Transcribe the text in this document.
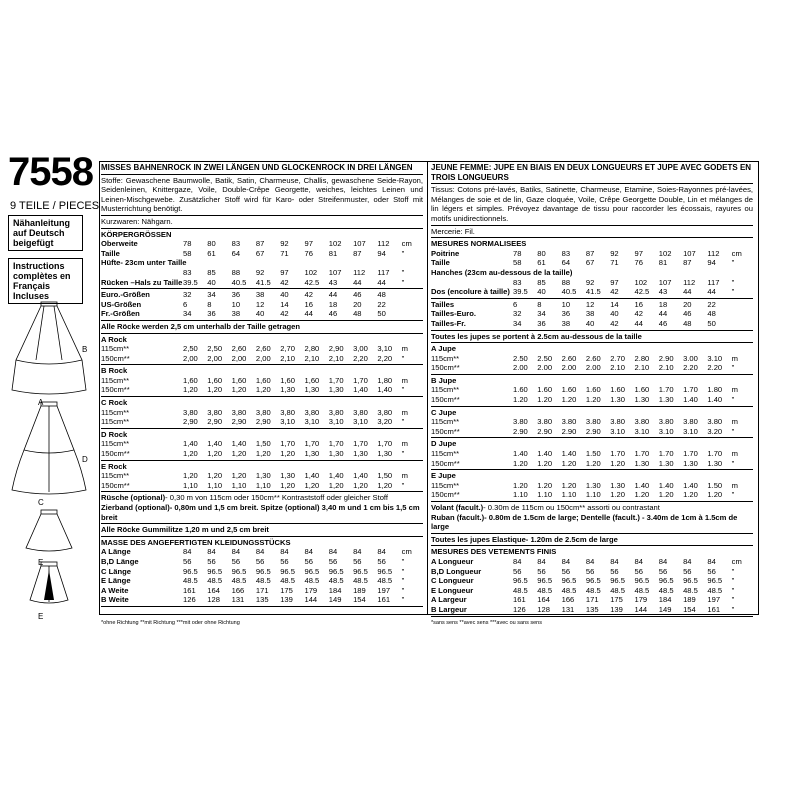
7558
9 TEILE / PIECES
Nähanleitung auf Deutsch beigefügt
Instructions complètes en Français Incluses
B
A
D
C
E
E
MISSES BAHNENROCK IN ZWEI LÄNGEN UND GLOCKENROCK IN DREI LÄNGEN
Stoffe: Gewaschene Baumwolle, Batik, Satin, Charmeuse, Challis, gewaschene Seide-Rayon, Seidenleinen, Knittergaze, Voile, Double-Crêpe Georgette, weiches, leichtes Leinen und Leinen-Mischgewebe. Zusätzlicher Stoff wird für Karo- oder Streifenmuster, oder Stoff mit Musterrichtung benötigt.
Kurzwaren: Nähgarn.
KÖRPERGRÖSSEN
Oberweite	78	80	83	87	92	97	102	107	112	cm
Taille	58	61	64	67	71	76	81	87	94	"
Hüfte- 23cm unter Taille
83	85	88	92	97	102	107	112	117	"
Rücken –Hals zu Taille 39.5	40	40.5	41.5	42	42.5	43	44	44	"
Euro.-Größen	32	34	36	38	40	42	44	46	48
US-Größen	6	8	10	12	14	16	18	20	22
Fr.-Größen	34	36	38	40	42	44	46	48	50
Alle Röcke werden 2,5 cm unterhalb der Taille getragen
A Rock
115cm**	2,50	2,50	2,60	2,60	2,70	2,80	2,90	3,00	3,10	m
150cm**	2,00	2,00	2,00	2,00	2,10	2,10	2,10	2,20	2,20	"
B Rock
115cm**	1,60	1,60	1,60	1,60	1,60	1,60	1,70	1,70	1,80	m
150cm**	1,20	1,20	1,20	1,20	1,30	1,30	1,30	1,40	1,40	"
C Rock
115cm**	3,80	3,80	3,80	3,80	3,80	3,80	3,80	3,80	3,80	m
115cm**	2,90	2,90	2,90	2,90	3,10	3,10	3,10	3,10	3,20	"
D Rock
115cm**	1,40	1,40	1,40	1,50	1,70	1,70	1,70	1,70	1,70	m
150cm**	1,20	1,20	1,20	1,20	1,20	1,30	1,30	1,30	1,30	"
E Rock
115cm**	1,20	1,20	1,20	1,30	1,30	1,40	1,40	1,40	1,50	m
150cm**	1,10	1,10	1,10	1,10	1,20	1,20	1,20	1,20	1,20	"
Rüsche (optional)- 0,30 m von 115cm oder 150cm** Kontraststoff oder gleicher Stoff
Zierband (optional)- 0,80m und 1,5 cm breit. Spitze (optional) 3,40 m und 1 cm bis 1,5 cm breit
Alle Röcke Gummilitze 1,20 m und 2,5 cm breit
MASSE DES ANGEFERTIGTEN KLEIDUNGSSTÜCKS
A Länge	84	84	84	84	84	84	84	84	84	cm
B,D Länge	56	56	56	56	56	56	56	56	56	"
C Länge	96.5	96.5	96.5	96.5	96.5	96.5	96.5	96.5	96.5	"
E Länge	48.5	48.5	48.5	48.5	48.5	48.5	48.5	48.5	48.5	"
A Weite	161	164	166	171	175	179	184	189	197	"
B Weite	126	128	131	135	139	144	149	154	161	"
JEUNE FEMME: JUPE EN BIAIS EN DEUX LONGUEURS ET JUPE AVEC GODETS EN TROIS LONGUEURS
Tissus: Cotons pré-lavés, Batiks, Satinette, Charmeuse, Etamine, Soies-Rayonnes pré-lavées, Mélanges de soie et de lin, Gaze cloquée, Voile, Crêpe Georgette Double, Lin et mélanges de lin légers et simples. Prévoyez davantage de tissu pour raccorder les écossais, rayures ou motifs unidirectionnels.
Mercerie: Fil.
MESURES NORMALISEES
Poitrine	78	80	83	87	92	97	102	107	112	cm
Taille	58	61	64	67	71	76	81	87	94	"
Hanches (23cm au-dessous de la taille)
83	85	88	92	97	102	107	112	117	"
Dos (encolure à taille) 39.5	40	40.5	41.5	42	42.5	43	44	44	"
Tailles	6	8	10	12	14	16	18	20	22
Tailles-Euro.	32	34	36	38	40	42	44	46	48
Tailles-Fr.	34	36	38	40	42	44	46	48	50
Toutes les jupes se portent à 2.5cm au-dessous de la taille
A Jupe
115cm**	2.50	2.50	2.60	2.60	2.70	2.80	2.90	3.00	3.10	m
150cm**	2.00	2.00	2.00	2.00	2.10	2.10	2.10	2.20	2.20	"
B Jupe
115cm**	1.60	1.60	1.60	1.60	1.60	1.60	1.70	1.70	1.80	m
150cm**	1.20	1.20	1.20	1.20	1.30	1.30	1.30	1.40	1.40	"
C Jupe
115cm**	3.80	3.80	3.80	3.80	3.80	3.80	3.80	3.80	3.80	m
150cm**	2.90	2.90	2.90	2.90	3.10	3.10	3.10	3.10	3.20	"
D Jupe
115cm**	1.40	1.40	1.40	1.50	1.70	1.70	1.70	1.70	1.70	m
150cm**	1.20	1.20	1.20	1.20	1.20	1.30	1.30	1.30	1.30	"
E Jupe
115cm**	1.20	1.20	1.20	1.30	1.30	1.40	1.40	1.40	1.50	m
150cm**	1.10	1.10	1.10	1.10	1.20	1.20	1.20	1.20	1.20	"
Volant (facult.)- 0.30m de 115cm ou 150cm** assorti ou contrastant
Ruban (facult.)- 0.80m de 1.5cm de large; Dentelle (facult.) - 3.40m de 1cm à 1.5cm de large
Toutes les jupes Elastique- 1.20m de 2.5cm de large
MESURES DES VETEMENTS FINIS
A Longueur	84	84	84	84	84	84	84	84	84	cm
B,D Longueur	56	56	56	56	56	56	56	56	56	"
C Longueur	96.5	96.5	96.5	96.5	96.5	96.5	96.5	96.5	96.5	"
E Longueur	48.5	48.5	48.5	48.5	48.5	48.5	48.5	48.5	48.5	"
A Largeur	161	164	166	171	175	179	184	189	197	"
B Largeur	126	128	131	135	139	144	149	154	161	"
*ohne Richtung **mit Richtung ***mit oder ohne Richtung	*sans sens **avec sens ***avec ou sans sens
